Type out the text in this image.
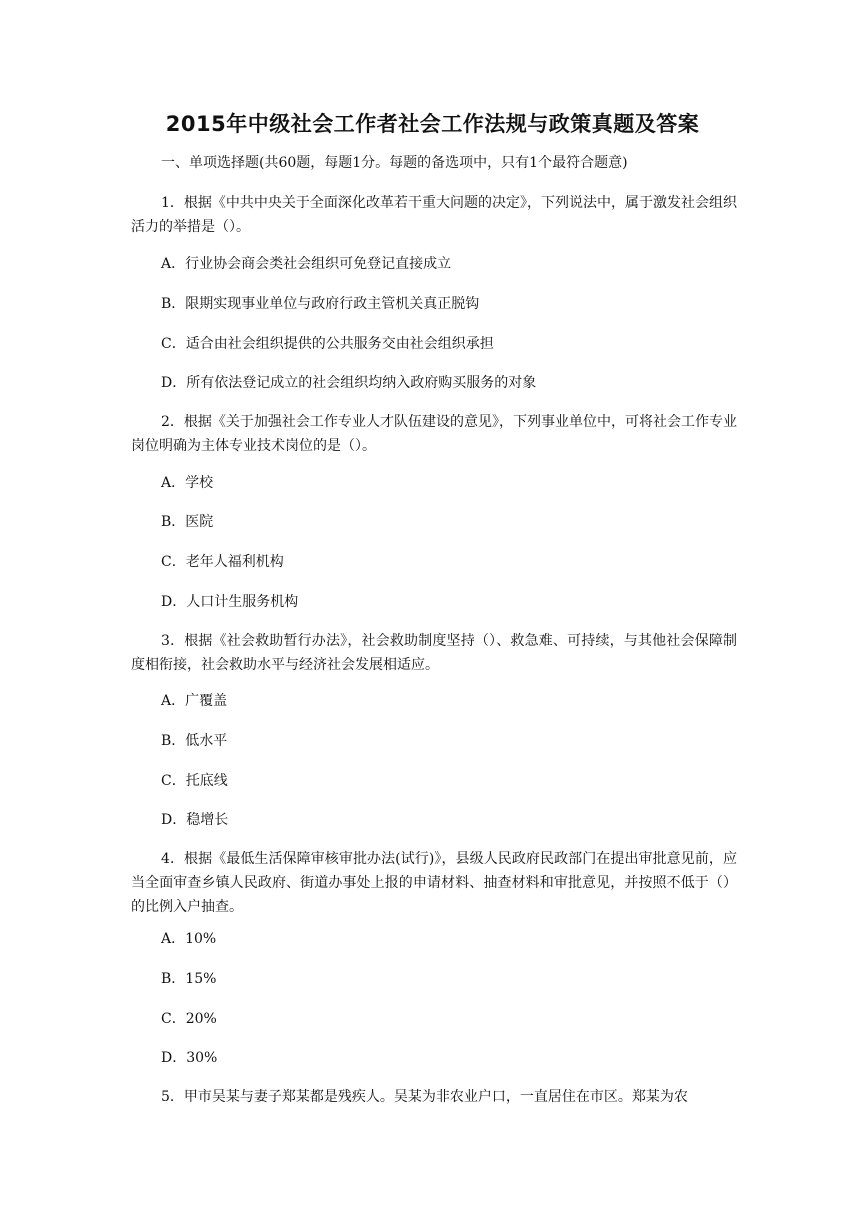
2015年中级社会工作者社会工作法规与政策真题及答案

一、单项选择题(共60题，每题1分。每题的备选项中，只有1个最符合题意)

1．根据《中共中央关于全面深化改革若干重大问题的决定》，下列说法中，属于激发社会组织活力的举措是（）。

A．行业协会商会类社会组织可免登记直接成立

B．限期实现事业单位与政府行政主管机关真正脱钩

C．适合由社会组织提供的公共服务交由社会组织承担

D．所有依法登记成立的社会组织均纳入政府购买服务的对象

2．根据《关于加强社会工作专业人才队伍建设的意见》，下列事业单位中，可将社会工作专业岗位明确为主体专业技术岗位的是（）。

A．学校

B．医院

C．老年人福利机构

D．人口计生服务机构

3．根据《社会救助暂行办法》，社会救助制度坚持（）、救急难、可持续，与其他社会保障制度相衔接，社会救助水平与经济社会发展相适应。

A．广覆盖

B．低水平

C．托底线

D．稳增长

4．根据《最低生活保障审核审批办法(试行)》，县级人民政府民政部门在提出审批意见前，应当全面审查乡镇人民政府、街道办事处上报的申请材料、抽查材料和审批意见，并按照不低于（）的比例入户抽查。

A．10%

B．15%

C．20%

D．30%

5．甲市吴某与妻子郑某都是残疾人。吴某为非农业户口，一直居住在市区。郑某为农
